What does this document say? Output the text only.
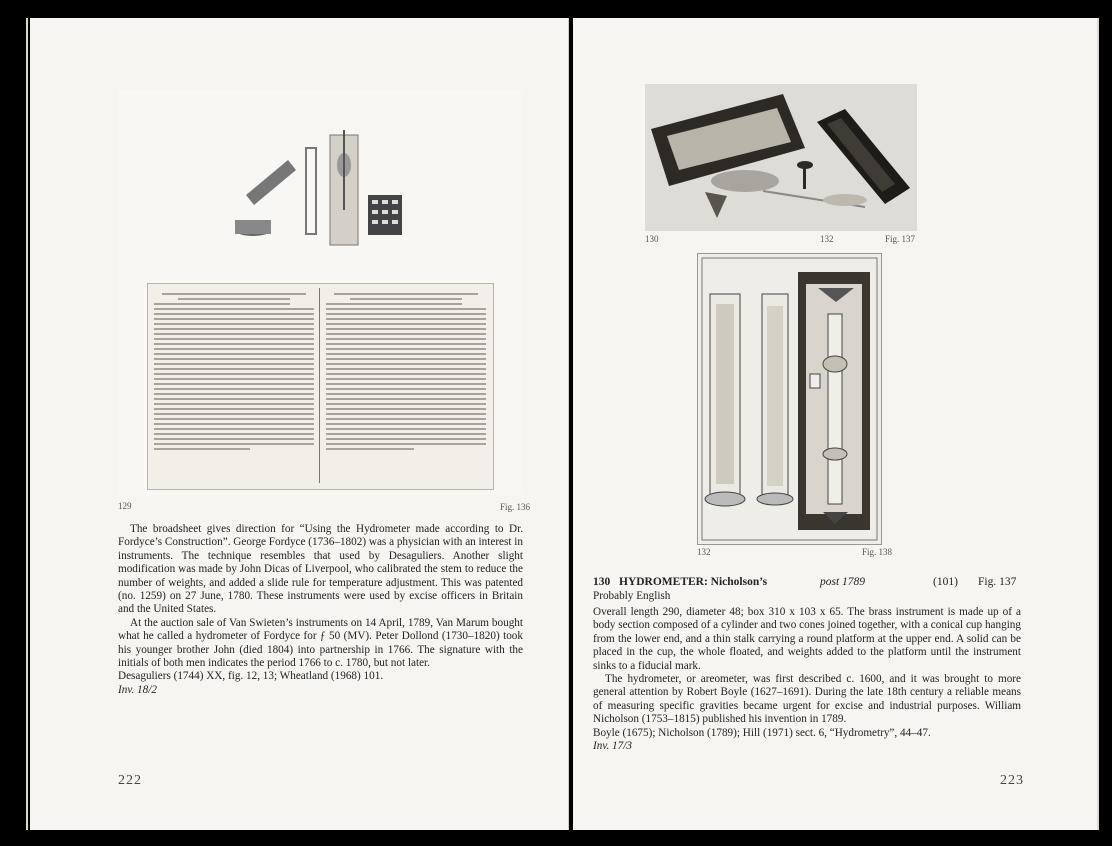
129	Fig. 136

The broadsheet gives direction for “Using the Hydrometer made according to Dr. Fordyce’s Construction”. George Fordyce (1736–1802) was a physician with an interest in instruments. The technique resembles that used by Desaguliers. Another slight modification was made by John Dicas of Liverpool, who calibrated the stem to reduce the number of weights, and added a slide rule for temperature adjustment. This was patented (no. 1259) on 27 June, 1780. These instruments were used by excise officers in Britain and the United States.

At the auction sale of Van Swieten’s instruments on 14 April, 1789, Van Marum bought what he called a hydrometer of Fordyce for ƒ 50 (MV). Peter Dollond (1730–1820) took his younger brother John (died 1804) into partnership in 1766. The signature with the initials of both men indicates the period 1766 to c. 1780, but not later.

Desaguliers (1744) XX, fig. 12, 13; Wheatland (1968) 101.

Inv. 18/2

222
130	132	Fig. 137
132	Fig. 138
130 HYDROMETER: Nicholson’s	post 1789	(101) Fig. 137
Probably English

Overall length 290, diameter 48; box 310 x 103 x 65. The brass instrument is made up of a body section composed of a cylinder and two cones joined together, with a conical cup hanging from the lower end, and a thin stalk carrying a round platform at the upper end. A solid can be placed in the cup, the whole floated, and weights added to the platform until the instrument sinks to a fiducial mark.

The hydrometer, or areometer, was first described c. 1600, and it was brought to more general attention by Robert Boyle (1627–1691). During the late 18th century a reliable means of measuring specific gravities became urgent for excise and industrial purposes. William Nicholson (1753–1815) published his invention in 1789.

Boyle (1675); Nicholson (1789); Hill (1971) sect. 6, “Hydrometry”, 44–47.

Inv. 17/3

223
